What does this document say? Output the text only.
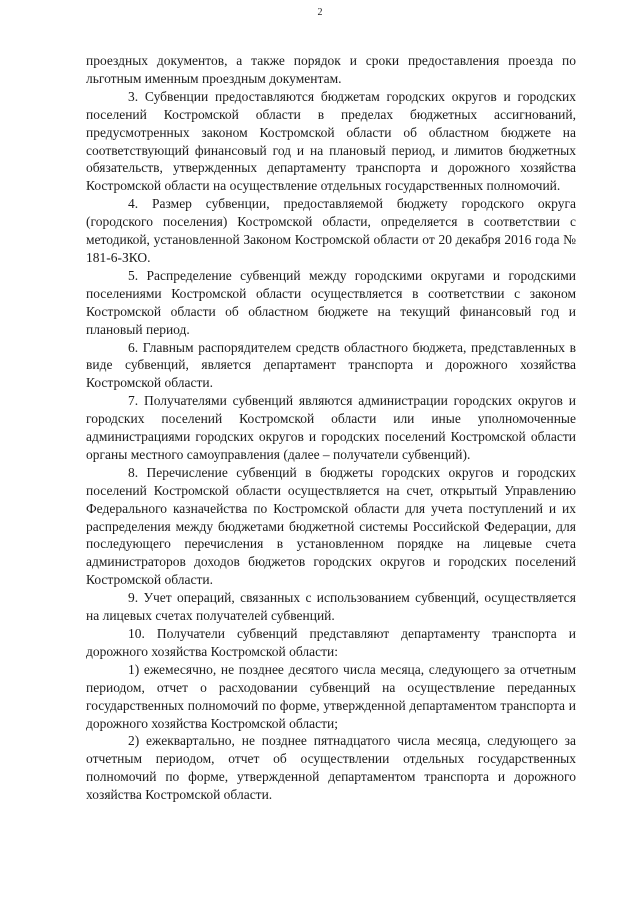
2

проездных документов, а также порядок и сроки предоставления проезда по льготным именным проездным документам.

3. Субвенции предоставляются бюджетам городских округов и городских поселений Костромской области в пределах бюджетных ассигнований, предусмотренных законом Костромской области об областном бюджете на соответствующий финансовый год и на плановый период, и лимитов бюджетных обязательств, утвержденных департаменту транспорта и дорожного хозяйства Костромской области на осуществление отдельных государственных полномочий.

4. Размер субвенции, предоставляемой бюджету городского округа (городского поселения) Костромской области, определяется в соответствии с методикой, установленной Законом Костромской области от 20 декабря 2016 года № 181-6-ЗКО.

5. Распределение субвенций между городскими округами и городскими поселениями Костромской области осуществляется в соответствии с законом Костромской области об областном бюджете на текущий финансовый год и плановый период.

6. Главным распорядителем средств областного бюджета, представленных в виде субвенций, является департамент транспорта и дорожного хозяйства Костромской области.

7. Получателями субвенций являются администрации городских округов и городских поселений Костромской области или иные уполномоченные администрациями городских округов и городских поселений Костромской области органы местного самоуправления (далее – получатели субвенций).

8. Перечисление субвенций в бюджеты городских округов и городских поселений Костромской области осуществляется на счет, открытый Управлению Федерального казначейства по Костромской области для учета поступлений и их распределения между бюджетами бюджетной системы Российской Федерации, для последующего перечисления в установленном порядке на лицевые счета администраторов доходов бюджетов городских округов и городских поселений Костромской области.

9. Учет операций, связанных с использованием субвенций, осуществляется на лицевых счетах получателей субвенций.

10. Получатели субвенций представляют департаменту транспорта и дорожного хозяйства Костромской области:

1) ежемесячно, не позднее десятого числа месяца, следующего за отчетным периодом, отчет о расходовании субвенций на осуществление переданных государственных полномочий по форме, утвержденной департаментом транспорта и дорожного хозяйства Костромской области;

2) ежеквартально, не позднее пятнадцатого числа месяца, следующего за отчетным периодом, отчет об осуществлении отдельных государственных полномочий по форме, утвержденной департаментом транспорта и дорожного хозяйства Костромской области.
